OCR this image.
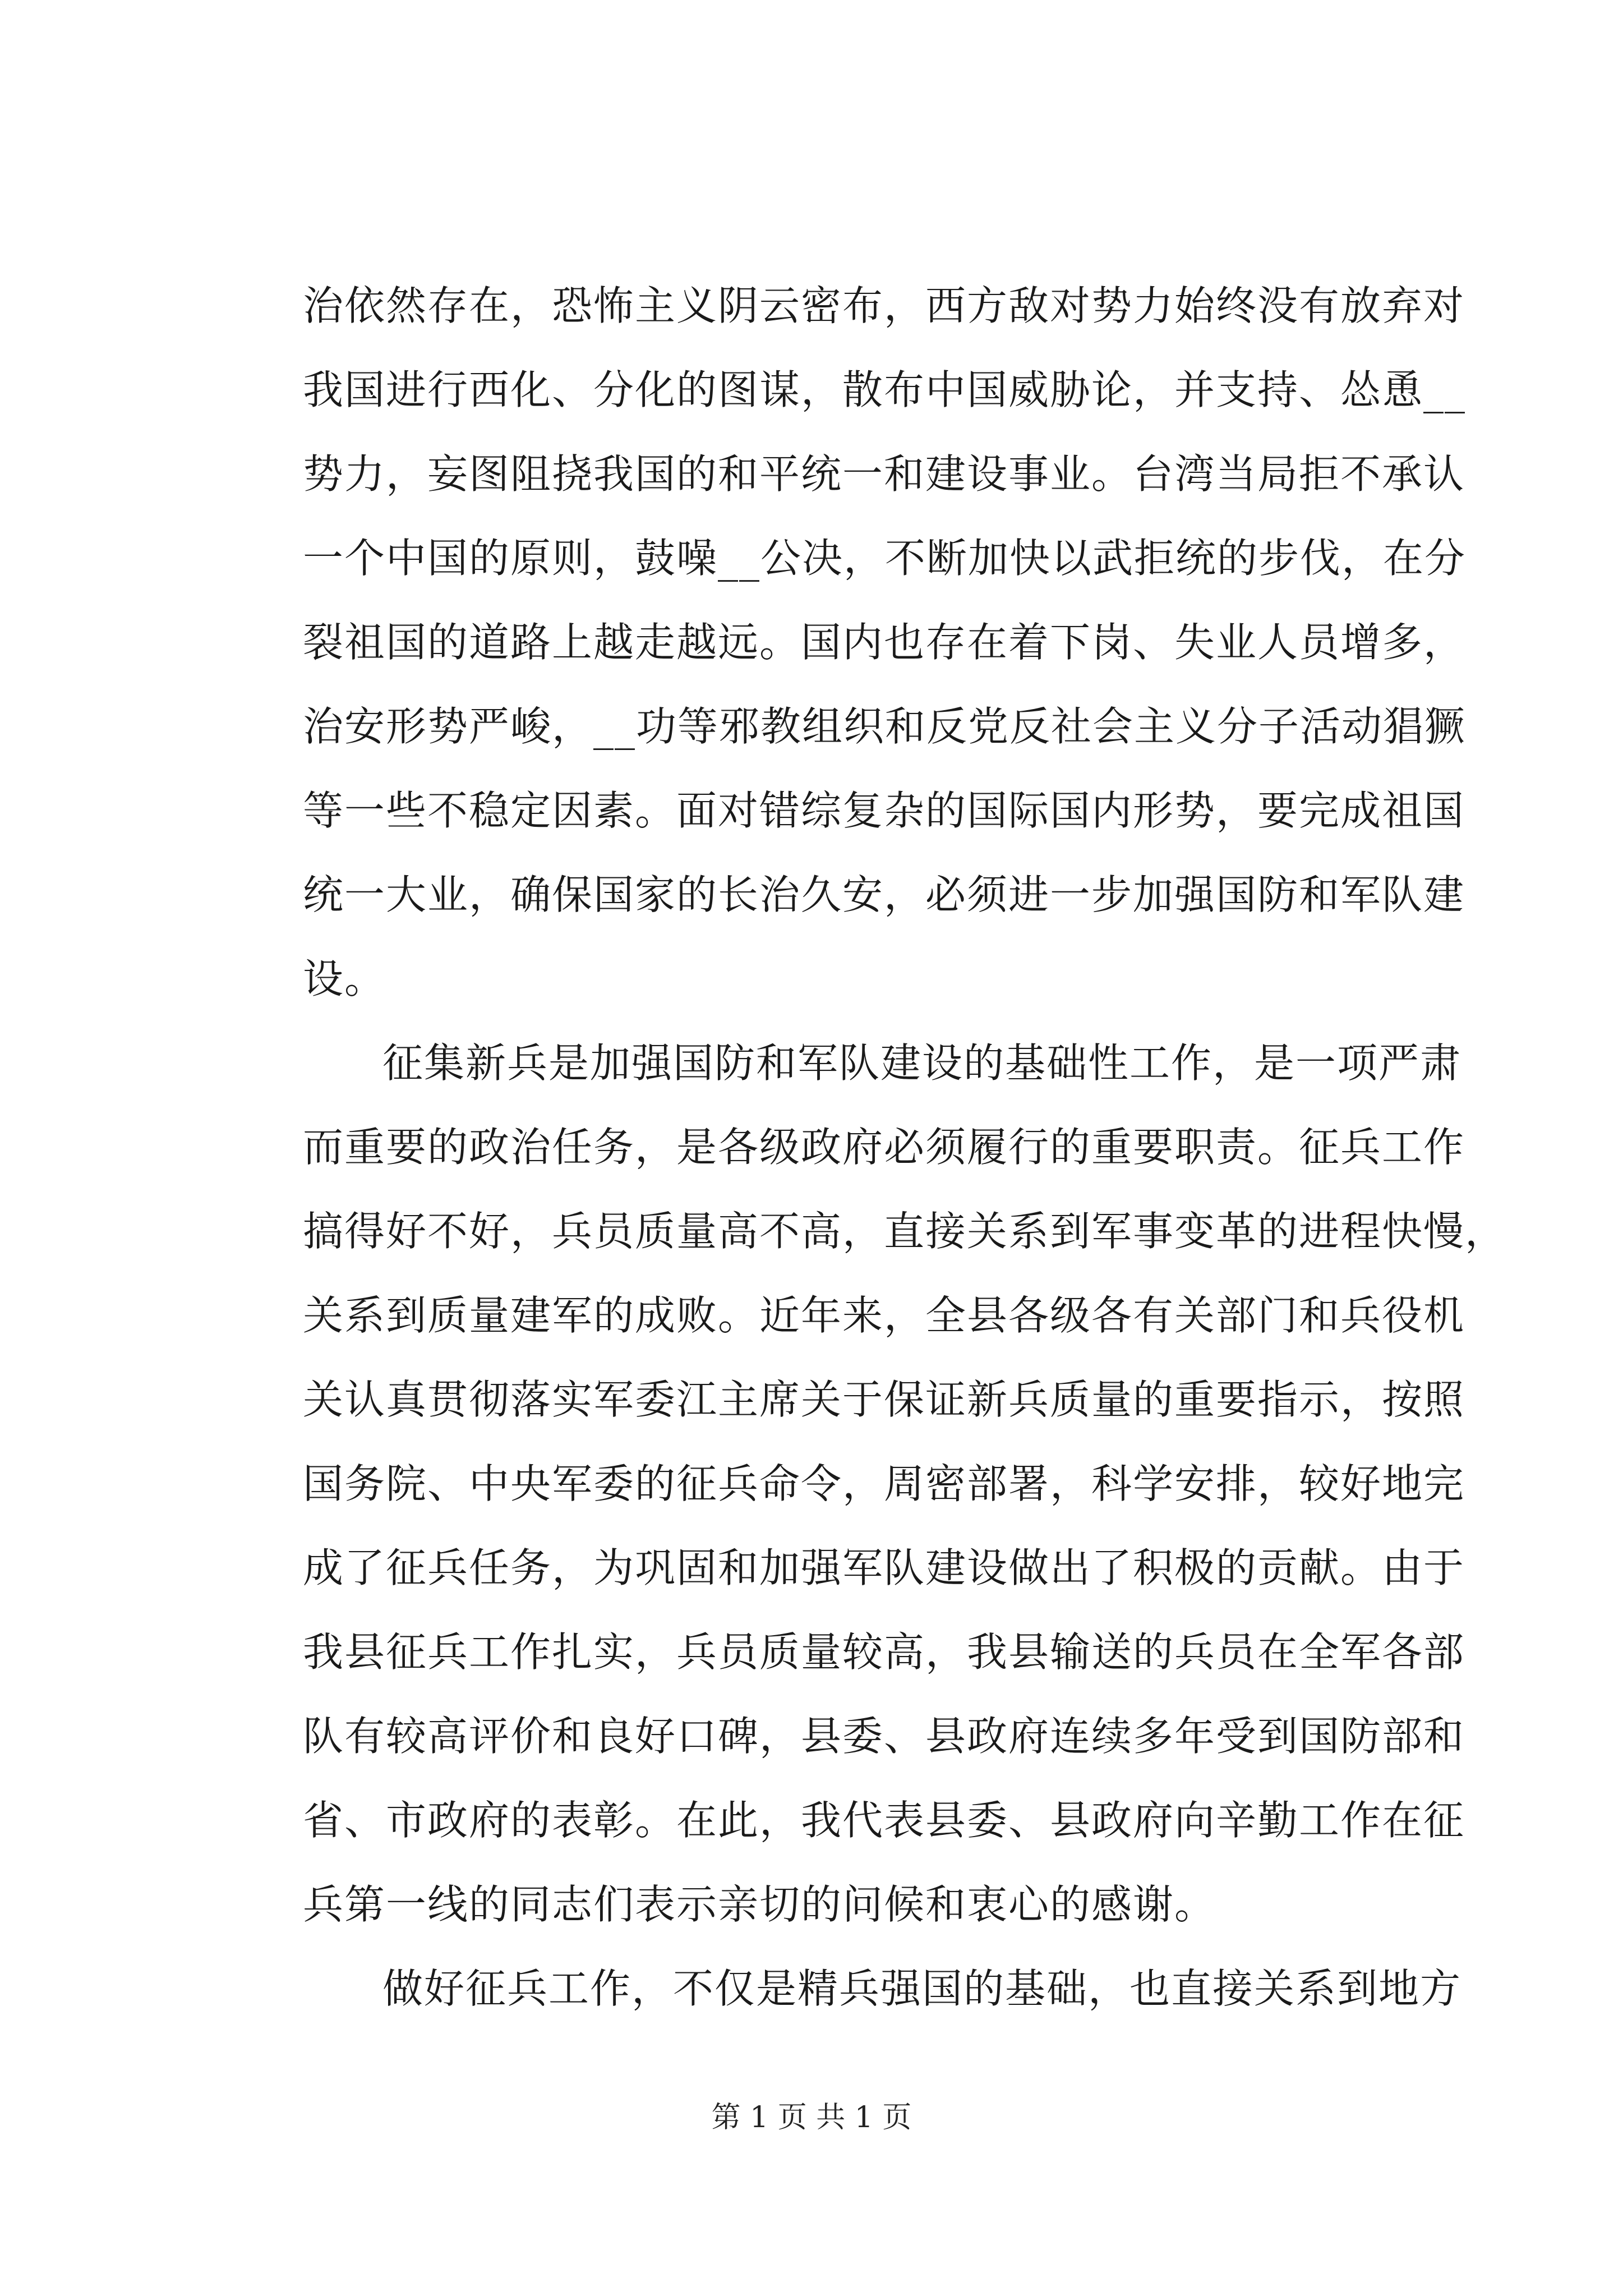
治依然存在，恐怖主义阴云密布，西方敌对势力始终没有放弃对
我国进行西化、分化的图谋，散布中国威胁论，并支持、怂恿__
势力，妄图阻挠我国的和平统一和建设事业。台湾当局拒不承认
一个中国的原则，鼓噪__公决，不断加快以武拒统的步伐，在分
裂祖国的道路上越走越远。国内也存在着下岗、失业人员增多，
治安形势严峻，__功等邪教组织和反党反社会主义分子活动猖獗
等一些不稳定因素。面对错综复杂的国际国内形势，要完成祖国
统一大业，确保国家的长治久安，必须进一步加强国防和军队建
设。
征集新兵是加强国防和军队建设的基础性工作，是一项严肃
而重要的政治任务，是各级政府必须履行的重要职责。征兵工作
搞得好不好，兵员质量高不高，直接关系到军事变革的进程快慢，
关系到质量建军的成败。近年来，全县各级各有关部门和兵役机
关认真贯彻落实军委江主席关于保证新兵质量的重要指示，按照
国务院、中央军委的征兵命令，周密部署，科学安排，较好地完
成了征兵任务，为巩固和加强军队建设做出了积极的贡献。由于
我县征兵工作扎实，兵员质量较高，我县输送的兵员在全军各部
队有较高评价和良好口碑，县委、县政府连续多年受到国防部和
省、市政府的表彰。在此，我代表县委、县政府向辛勤工作在征
兵第一线的同志们表示亲切的问候和衷心的感谢。
做好征兵工作，不仅是精兵强国的基础，也直接关系到地方
第 1 页 共 1 页
